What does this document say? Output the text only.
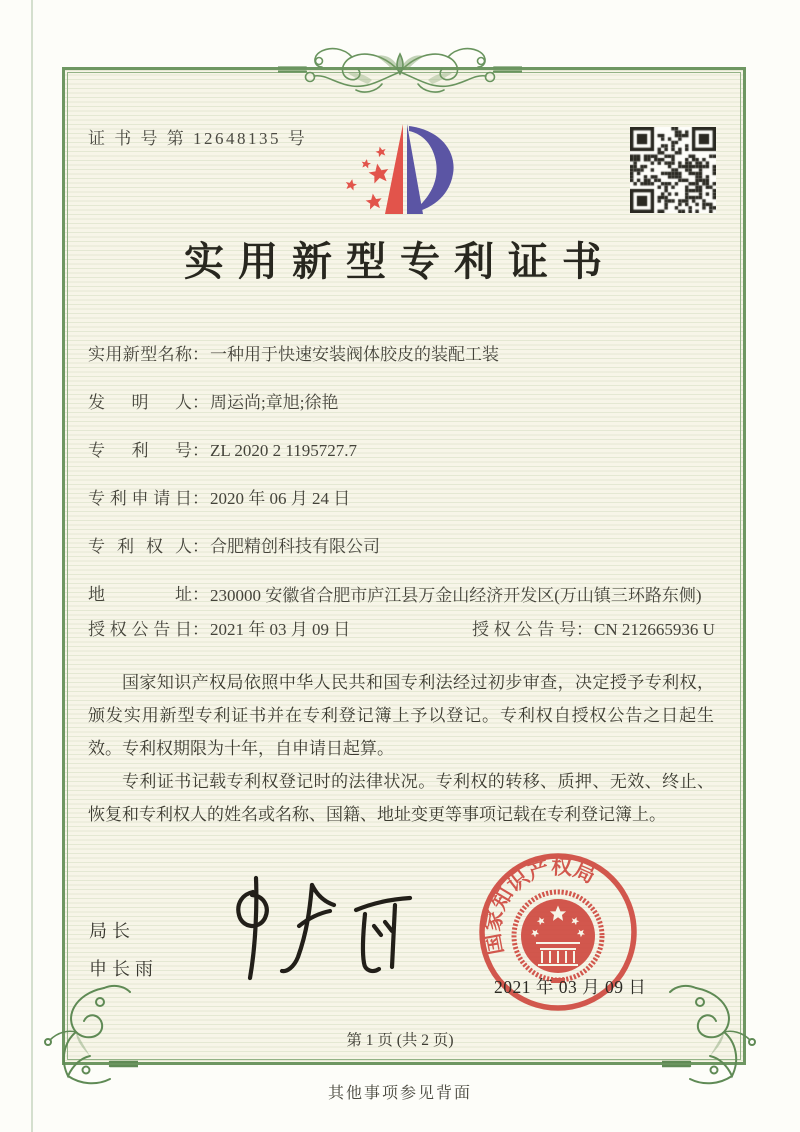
证 书 号 第 12648135 号
实用新型专利证书
实用新型名称 ： 一种用于快速安装阀体胶皮的装配工装
发明人 ： 周运尚;章旭;徐艳
专利号 ： ZL 2020 2 1195727.7
专利申请日 ： 2020 年 06 月 24 日
专利权人 ： 合肥精创科技有限公司
地址 ： 230000 安徽省合肥市庐江县万金山经济开发区(万山镇三环路东侧)
授权公告日 ： 2021 年 03 月 09 日	授权公告号 ： CN 212665936 U

国家知识产权局依照中华人民共和国专利法经过初步审查，决定授予专利权，颁发实用新型专利证书并在专利登记簿上予以登记。专利权自授权公告之日起生效。专利权期限为十年，自申请日起算。

专利证书记载专利权登记时的法律状况。专利权的转移、质押、无效、终止、恢复和专利权人的姓名或名称、国籍、地址变更等事项记载在专利登记簿上。

局长
申长雨
国家知识产权局
2021 年 03 月 09 日
第 1 页 (共 2 页)
其他事项参见背面
